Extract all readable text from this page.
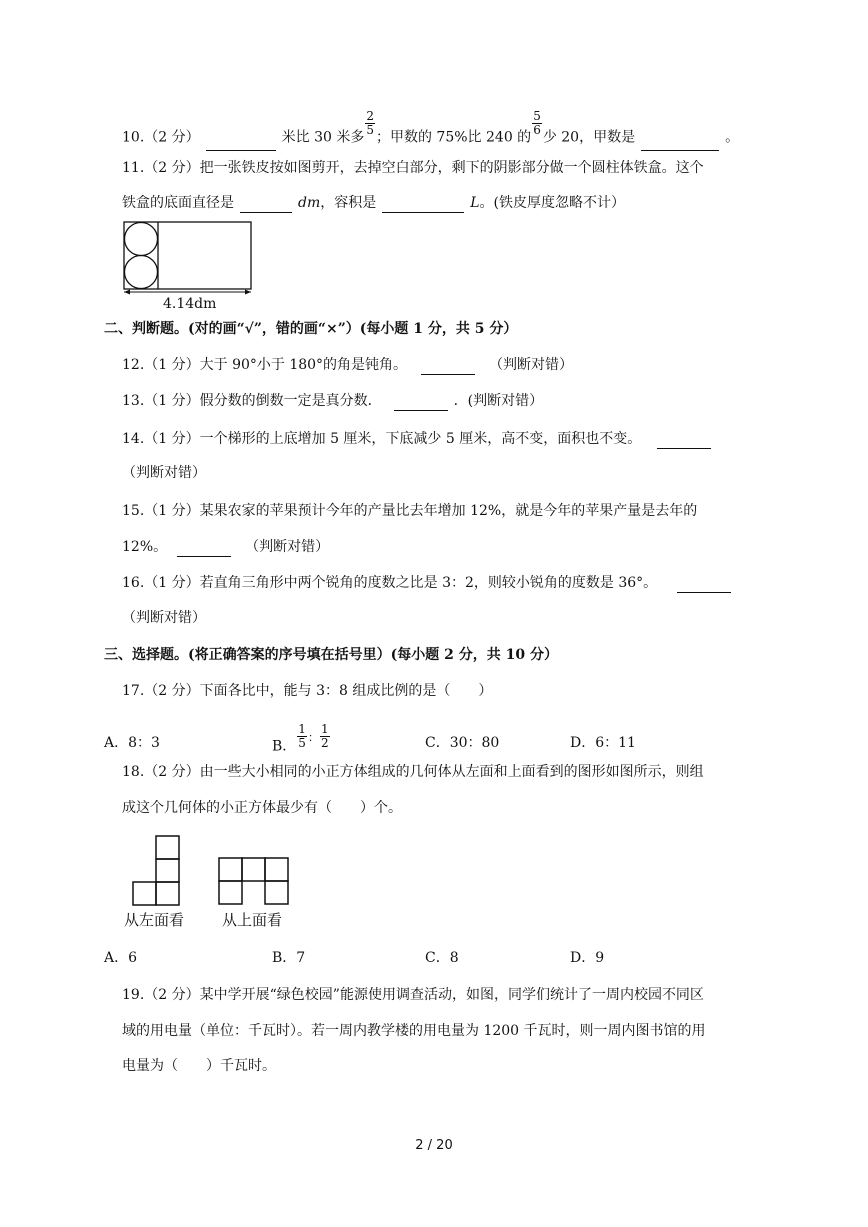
10.（2 分）	米比 30 米多
$\frac{2}{5}$
；甲数的 75%比 240 的
$\frac{5}{6}$
少 20，甲数是	。
11.（2 分）把一张铁皮按如图剪开，去掉空白部分，剩下的阴影部分做一个圆柱体铁盒。这个
铁盒的底面直径是	dm，容积是	L。(铁皮厚度忽略不计）
4.14dm
二、判断题。(对的画“√”，错的画“×”）(每小题 1 分，共 5 分）
12.（1 分）大于 90°小于 180°的角是钝角。	（判断对错）
13.（1 分）假分数的倒数一定是真分数．	．(判断对错）
14.（1 分）一个梯形的上底增加 5 厘米，下底减少 5 厘米，高不变，面积也不变。
（判断对错）
15.（1 分）某果农家的苹果预计今年的产量比去年增加 12%，就是今年的苹果产量是去年的
12%。	（判断对错）
16.（1 分）若直角三角形中两个锐角的度数之比是 3：2，则较小锐角的度数是 36°。
（判断对错）
三、选择题。(将正确答案的序号填在括号里）(每小题 2 分，共 10 分）
17.（2 分）下面各比中，能与 3：8 组成比例的是（　　）
A．8：3	B． $\frac{1}{5} ^: \frac{1}{2}$	C．30：80	D．6：11
18.（2 分）由一些大小相同的小正方体组成的几何体从左面和上面看到的图形如图所示，则组
成这个几何体的小正方体最少有（　　）个。
从左面看	从上面看
A．6	B．7	C．8	D．9
19.（2 分）某中学开展“绿色校园”能源使用调查活动，如图，同学们统计了一周内校园不同区
域的用电量（单位：千瓦时）。若一周内教学楼的用电量为 1200 千瓦时，则一周内图书馆的用
电量为（　　）千瓦时。
2 / 20
